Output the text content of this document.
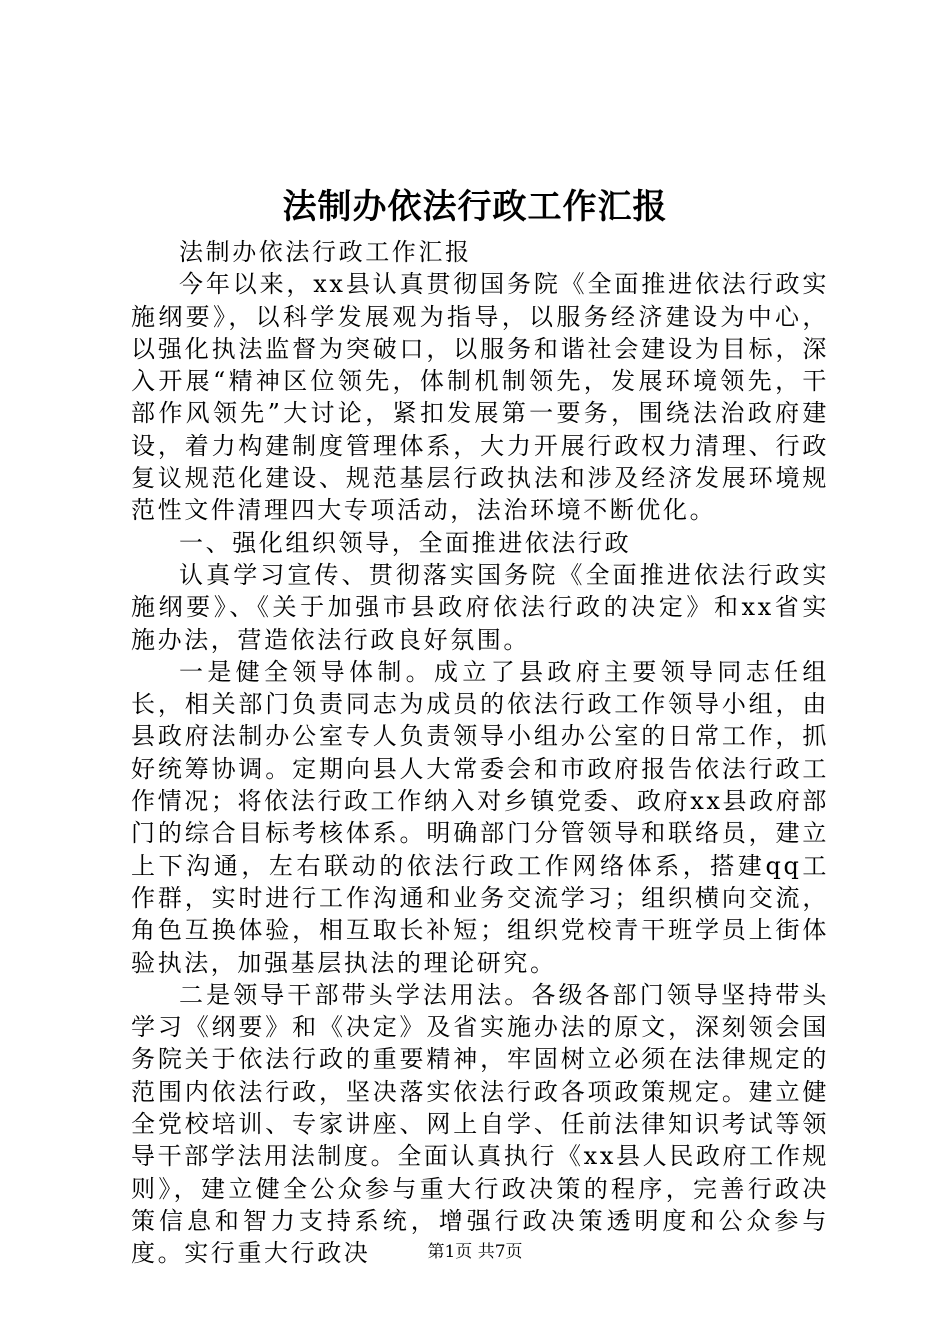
法制办依法行政工作汇报

法制办依法行政工作汇报

今年以来，xx县认真贯彻国务院《全面推进依法行政实施纲要》，以科学发展观为指导，以服务经济建设为中心，以强化执法监督为突破口，以服务和谐社会建设为目标，深入开展“精神区位领先，体制机制领先，发展环境领先，干部作风领先”大讨论，紧扣发展第一要务，围绕法治政府建设，着力构建制度管理体系，大力开展行政权力清理、行政复议规范化建设、规范基层行政执法和涉及经济发展环境规范性文件清理四大专项活动，法治环境不断优化。

一、强化组织领导，全面推进依法行政

认真学习宣传、贯彻落实国务院《全面推进依法行政实施纲要》、《关于加强市县政府依法行政的决定》和xx省实施办法，营造依法行政良好氛围。

一是健全领导体制。成立了县政府主要领导同志任组长，相关部门负责同志为成员的依法行政工作领导小组，由县政府法制办公室专人负责领导小组办公室的日常工作，抓好统筹协调。定期向县人大常委会和市政府报告依法行政工作情况；将依法行政工作纳入对乡镇党委、政府xx县政府部门的综合目标考核体系。明确部门分管领导和联络员，建立上下沟通，左右联动的依法行政工作网络体系，搭建qq工作群，实时进行工作沟通和业务交流学习；组织横向交流，角色互换体验，相互取长补短；组织党校青干班学员上街体验执法，加强基层执法的理论研究。

二是领导干部带头学法用法。各级各部门领导坚持带头学习《纲要》和《决定》及省实施办法的原文，深刻领会国务院关于依法行政的重要精神，牢固树立必须在法律规定的范围内依法行政，坚决落实依法行政各项政策规定。建立健全党校培训、专家讲座、网上自学、任前法律知识考试等领导干部学法用法制度。全面认真执行《xx县人民政府工作规则》，建立健全公众参与重大行政决策的程序，完善行政决策信息和智力支持系统，增强行政决策透明度和公众参与度。实行重大行政决	第1页 共7页
